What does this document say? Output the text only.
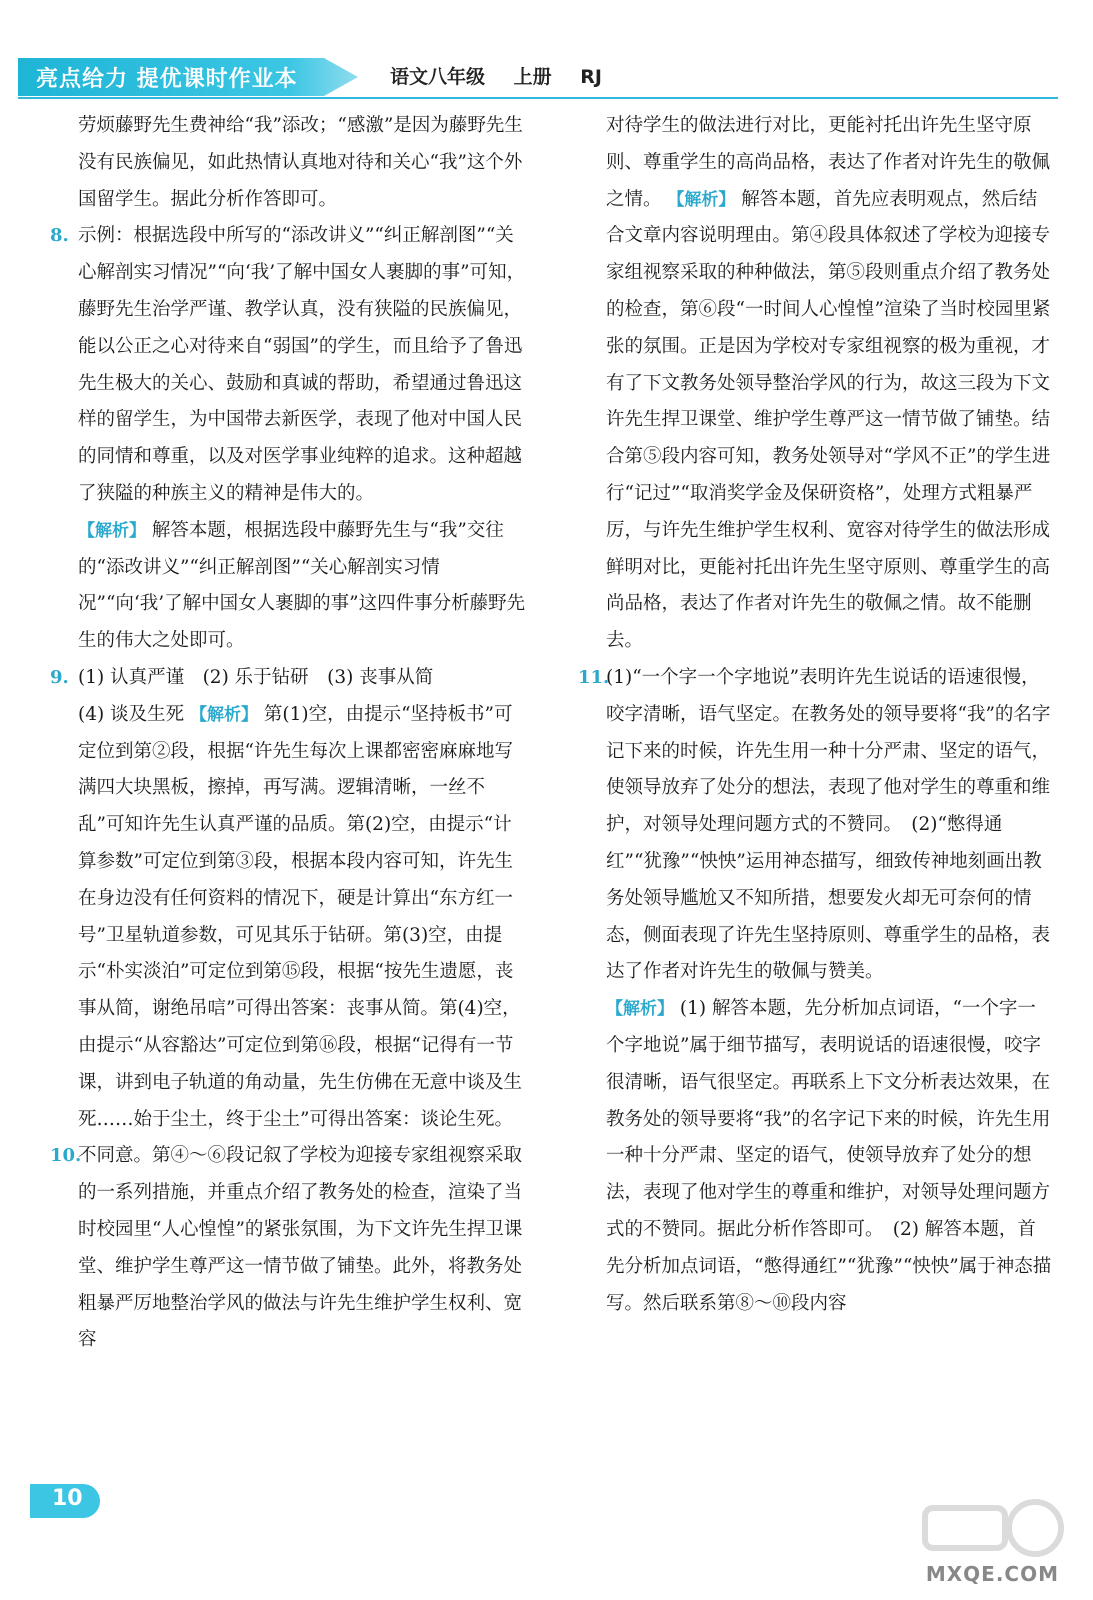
亮点给力 提优课时作业本	语文八年级 上册 RJ

劳烦藤野先生费神给“我”添改；“感激”是因为藤野先生没有民族偏见，如此热情认真地对待和关心“我”这个外国留学生。据此分析作答即可。

8. 示例：根据选段中所写的“添改讲义”“纠正解剖图”“关心解剖实习情况”“向‘我’了解中国女人裹脚的事”可知，藤野先生治学严谨、教学认真，没有狭隘的民族偏见，能以公正之心对待来自“弱国”的学生，而且给予了鲁迅先生极大的关心、鼓励和真诚的帮助，希望通过鲁迅这样的留学生，为中国带去新医学，表现了他对中国人民的同情和尊重，以及对医学事业纯粹的追求。这种超越了狭隘的种族主义的精神是伟大的。
【解析】 解答本题，根据选段中藤野先生与“我”交往的“添改讲义”“纠正解剖图”“关心解剖实习情况”“向‘我’了解中国女人裹脚的事”这四件事分析藤野先生的伟大之处即可。
9. (1) 认真严谨　(2) 乐于钻研　(3) 丧事从简
(4) 谈及生死 【解析】 第(1)空，由提示“坚持板书”可定位到第②段，根据“许先生每次上课都密密麻麻地写满四大块黑板，擦掉，再写满。逻辑清晰，一丝不乱”可知许先生认真严谨的品质。第(2)空，由提示“计算参数”可定位到第③段，根据本段内容可知，许先生在身边没有任何资料的情况下，硬是计算出“东方红一号”卫星轨道参数，可见其乐于钻研。第(3)空，由提示“朴实淡泊”可定位到第⑮段，根据“按先生遗愿，丧事从简，谢绝吊唁”可得出答案：丧事从简。第(4)空，由提示“从容豁达”可定位到第⑯段，根据“记得有一节课，讲到电子轨道的角动量，先生仿佛在无意中谈及生死……始于尘土，终于尘土”可得出答案：谈论生死。
10.
不同意。第④～⑥段记叙了学校为迎接专家组视察采取的一系列措施，并重点介绍了教务处的检查，渲染了当时校园里“人心惶惶”的紧张氛围，为下文许先生捍卫课堂、维护学生尊严这一情节做了铺垫。此外，将教务处粗暴严厉地整治学风的做法与许先生维护学生权利、宽容

对待学生的做法进行对比，更能衬托出许先生坚守原则、尊重学生的高尚品格，表达了作者对许先生的敬佩之情。 【解析】 解答本题，首先应表明观点，然后结合文章内容说明理由。第④段具体叙述了学校为迎接专家组视察采取的种种做法，第⑤段则重点介绍了教务处的检查，第⑥段“一时间人心惶惶”渲染了当时校园里紧张的氛围。正是因为学校对专家组视察的极为重视，才有了下文教务处领导整治学风的行为，故这三段为下文许先生捍卫课堂、维护学生尊严这一情节做了铺垫。结合第⑤段内容可知，教务处领导对“学风不正”的学生进行“记过”“取消奖学金及保研资格”，处理方式粗暴严厉，与许先生维护学生权利、宽容对待学生的做法形成鲜明对比，更能衬托出许先生坚守原则、尊重学生的高尚品格，表达了作者对许先生的敬佩之情。故不能删去。

11.
(1)“一个字一个字地说”表明许先生说话的语速很慢，咬字清晰，语气坚定。在教务处的领导要将“我”的名字记下来的时候，许先生用一种十分严肃、坚定的语气，使领导放弃了处分的想法，表现了他对学生的尊重和维护，对领导处理问题方式的不赞同。　(2)“憋得通红”“犹豫”“怏怏”运用神态描写，细致传神地刻画出教务处领导尴尬又不知所措，想要发火却无可奈何的情态，侧面表现了许先生坚持原则、尊重学生的品格，表达了作者对许先生的敬佩与赞美。
【解析】 (1) 解答本题，先分析加点词语，“一个字一个字地说”属于细节描写，表明说话的语速很慢，咬字很清晰，语气很坚定。再联系上下文分析表达效果，在教务处的领导要将“我”的名字记下来的时候，许先生用一种十分严肃、坚定的语气，使领导放弃了处分的想法，表现了他对学生的尊重和维护，对领导处理问题方式的不赞同。据此分析作答即可。　(2) 解答本题，首先分析加点词语，“憋得通红”“犹豫”“怏怏”属于神态描写。然后联系第⑧～⑩段内容
10
MXQE.COM
